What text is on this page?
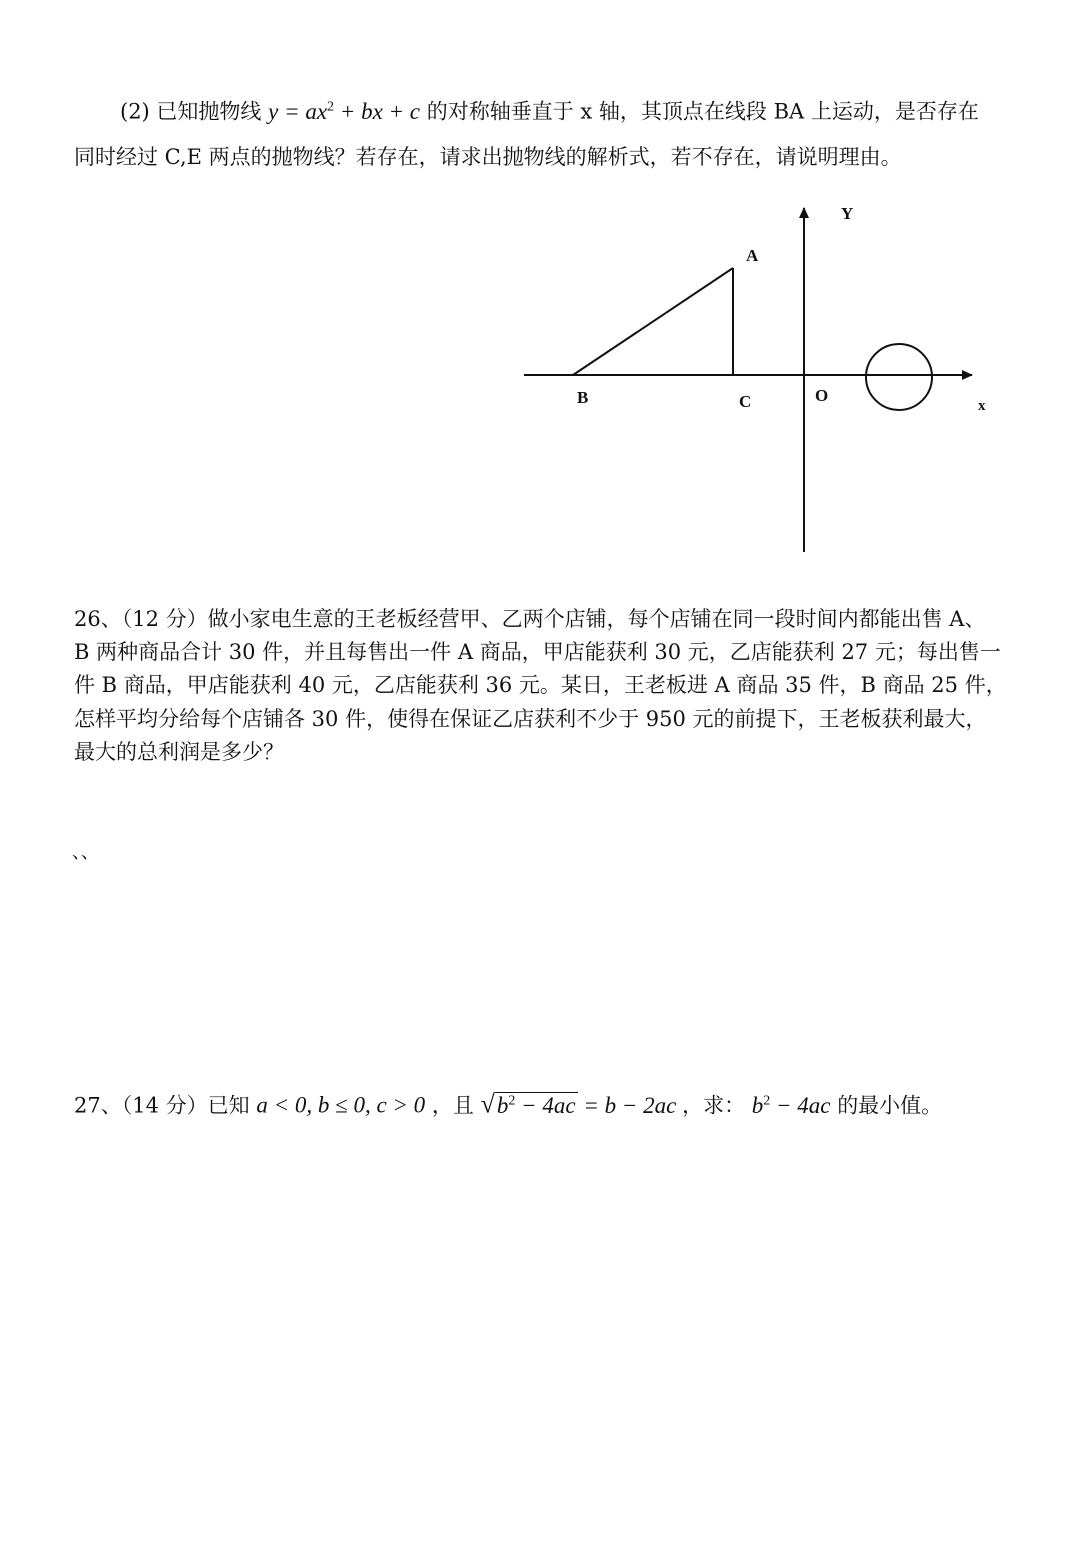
(2) 已知抛物线 $y = ax^2$ + bx + c 的对称轴垂直于 x 轴，其顶点在线段 BA 上运动，是否存在
同时经过 C,E 两点的抛物线？若存在，请求出抛物线的解析式，若不存在，请说明理由。
Y
A
B	C	O
x
26、（12 分）做小家电生意的王老板经营甲、乙两个店铺，每个店铺在同一段时间内都能出售 A、
B 两种商品合计 30 件，并且每售出一件 A 商品，甲店能获利 30 元，乙店能获利 27 元；每出售一
件 B 商品，甲店能获利 40 元，乙店能获利 36 元。某日，王老板进 A 商品 35 件，B 商品 25 件，
怎样平均分给每个店铺各 30 件，使得在保证乙店获利不少于 950 元的前提下，王老板获利最大，
最大的总利润是多少？
、、
27、（14 分）已知 a < 0, b ≤ 0, c > 0 ，且 $√b^2 - 4ac = b - 2ac$ ，求： $b^2 - 4ac$ 的最小值。
